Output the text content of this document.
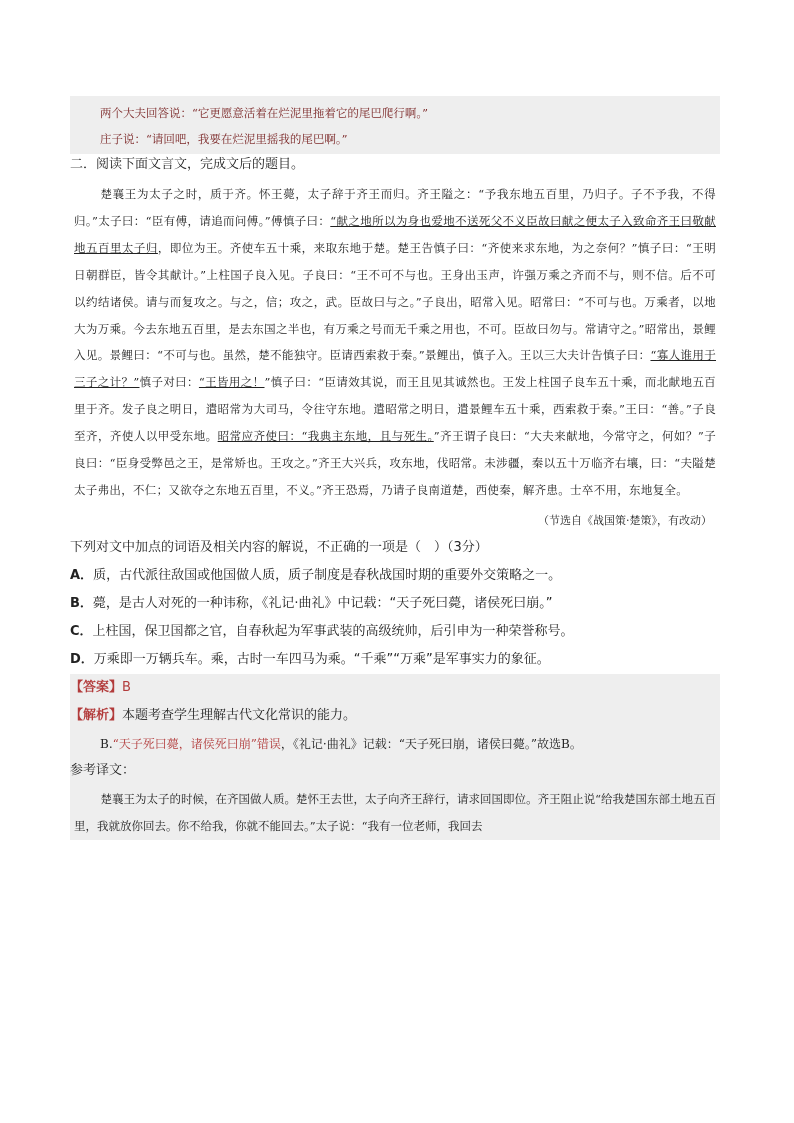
两个大夫回答说：“它更愿意活着在烂泥里拖着它的尾巴爬行啊。”
庄子说：“请回吧，我要在烂泥里摇我的尾巴啊。”
二．阅读下面文言文，完成文后的题目。

楚襄王为太子之时，质于齐。怀王薨，太子辞于齐王而归。齐王隘之：“予我东地五百里，乃归子。子不予我，不得归。”太子曰：“臣有傅，请追而问傅。”傅慎子曰：“献之地所以为身也爱地不送死父不义臣故曰献之便太子入致命齐王曰敬献地五百里太子归，即位为王。齐使车五十乘，来取东地于楚。楚王告慎子曰：“齐使来求东地，为之奈何？”慎子曰：“王明日朝群臣，皆令其献计。”上柱国子良入见。子良曰：“王不可不与也。王身出玉声，许强万乘之齐而不与，则不信。后不可以约结诸侯。请与而复攻之。与之，信；攻之，武。臣故曰与之。”子良出，昭常入见。昭常曰：“不可与也。万乘者，以地大为万乘。今去东地五百里，是去东国之半也，有万乘之号而无千乘之用也，不可。臣故曰勿与。常请守之。”昭常出，景鲤入见。景鲤曰：“不可与也。虽然，楚不能独守。臣请西索救于秦。”景鲤出，慎子入。王以三大夫计告慎子曰：“寡人谁用于三子之计？”慎子对曰：“王皆用之！”慎子曰：“臣请效其说，而王且见其诚然也。王发上柱国子良车五十乘，而北献地五百里于齐。发子良之明日，遣昭常为大司马，令往守东地。遣昭常之明日，遣景鲤车五十乘，西索救于秦。”王曰：“善。”子良至齐，齐使人以甲受东地。昭常应齐使曰：“我典主东地，且与死生。”齐王谓子良曰：“大夫来献地，今常守之，何如？”子良曰：“臣身受弊邑之王，是常矫也。王攻之。”齐王大兴兵，攻东地，伐昭常。未涉疆，秦以五十万临齐右壤，曰：“夫隘楚太子弗出，不仁；又欲夺之东地五百里，不义。”齐王恐焉，乃请子良南道楚，西使秦，解齐患。士卒不用，东地复全。

（节选自《战国策·楚策》，有改动）
下列对文中加点的词语及相关内容的解说，不正确的一项是（　）（3分）
A．质，古代派往敌国或他国做人质，质子制度是春秋战国时期的重要外交策略之一。
B．薨，是古人对死的一种讳称，《礼记·曲礼》中记载：“天子死曰薨，诸侯死曰崩。”
C．上柱国，保卫国都之官，自春秋起为军事武装的高级统帅，后引申为一种荣誉称号。
D．万乘即一万辆兵车。乘，古时一车四马为乘。“千乘”“万乘”是军事实力的象征。
【答案】B
【解析】本题考查学生理解古代文化常识的能力。
B.“天子死曰薨，诸侯死曰崩”错误，《礼记·曲礼》记载：“天子死曰崩，诸侯曰薨。”故选B。
参考译文：

楚襄王为太子的时候，在齐国做人质。楚怀王去世，太子向齐王辞行，请求回国即位。齐王阻止说“给我楚国东部土地五百里，我就放你回去。你不给我，你就不能回去。”太子说：“我有一位老师，我回去
